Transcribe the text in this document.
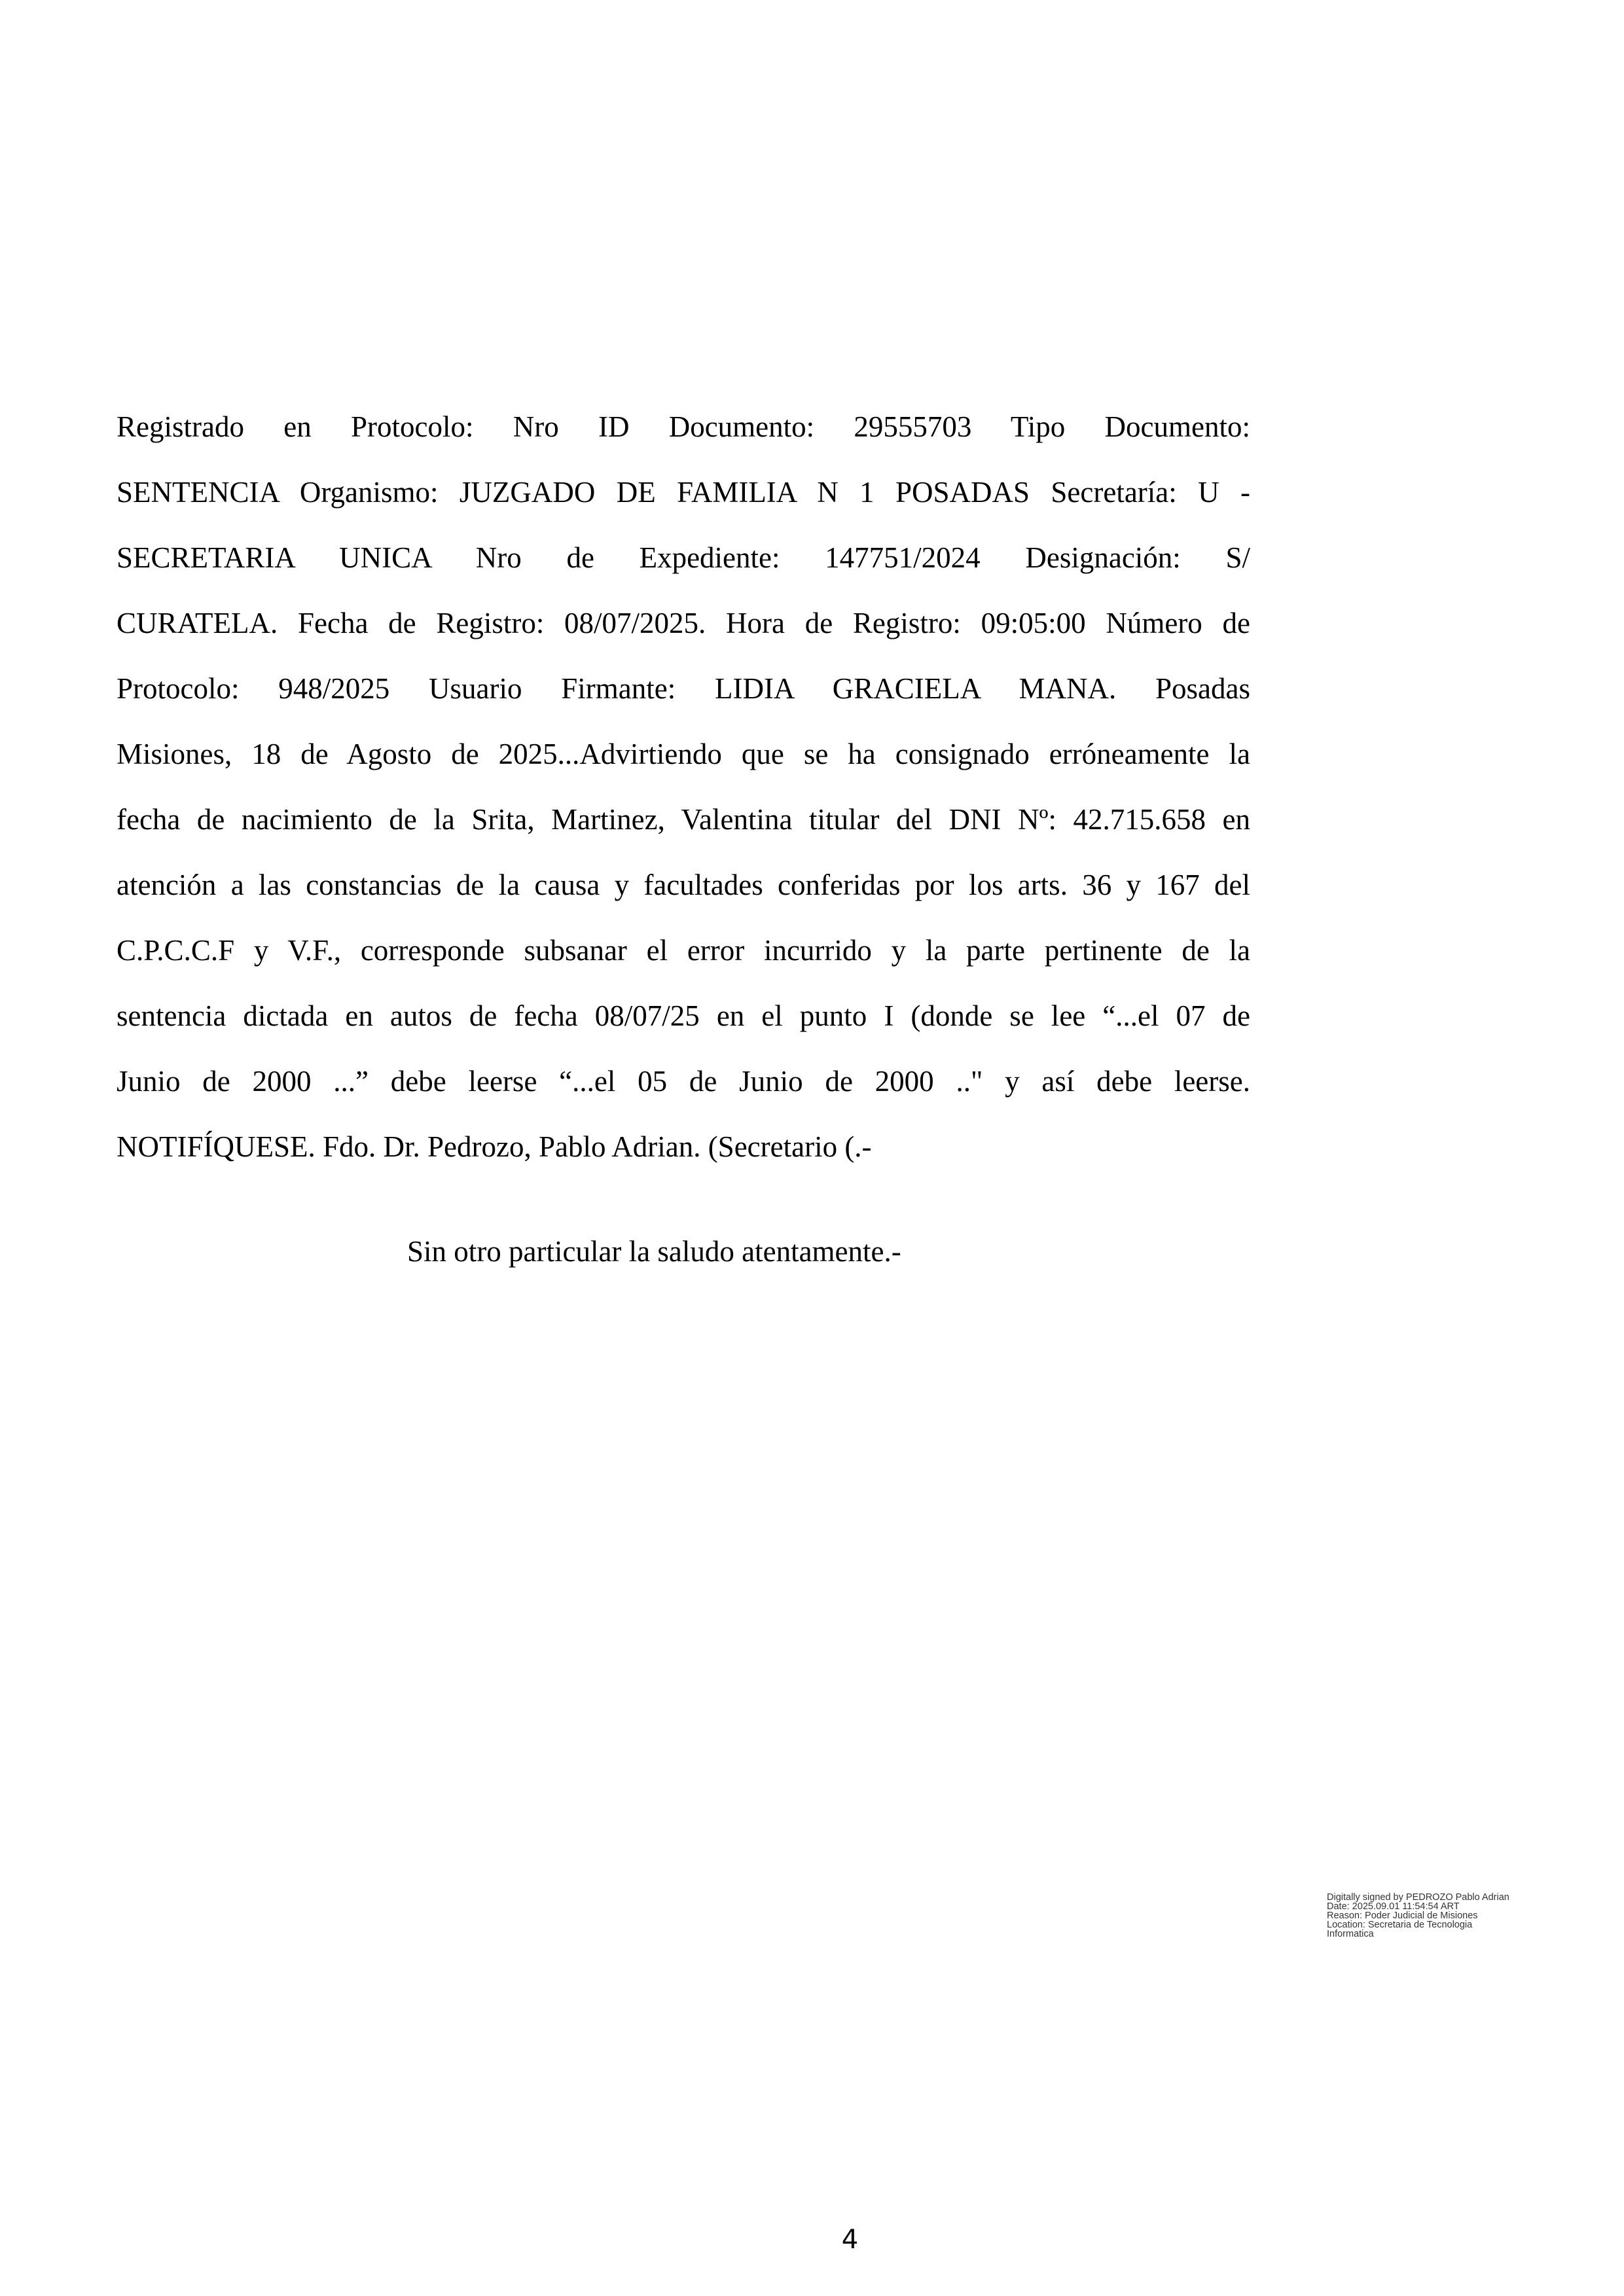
Registrado en Protocolo: Nro ID Documento: 29555703 Tipo Documento:
SENTENCIA Organismo: JUZGADO DE FAMILIA N 1 POSADAS Secretaría: U -
SECRETARIA UNICA Nro de Expediente: 147751/2024 Designación: S/
CURATELA. Fecha de Registro: 08/07/2025. Hora de Registro: 09:05:00 Número de
Protocolo: 948/2025 Usuario Firmante: LIDIA GRACIELA MANA. Posadas
Misiones, 18 de Agosto de 2025...Advirtiendo que se ha consignado erróneamente la
fecha de nacimiento de la Srita, Martinez, Valentina titular del DNI Nº: 42.715.658 en
atención a las constancias de la causa y facultades conferidas por los arts. 36 y 167 del
C.P.C.C.F y V.F., corresponde subsanar el error incurrido y la parte pertinente de la
sentencia dictada en autos de fecha 08/07/25 en el punto I (donde se lee “...el 07 de
Junio de 2000 ...” debe leerse “...el 05 de Junio de 2000 .." y así debe leerse.
NOTIFÍQUESE. Fdo. Dr. Pedrozo, Pablo Adrian. (Secretario (.-
Sin otro particular la saludo atentamente.-
Digitally signed by PEDROZO Pablo Adrian
Date: 2025.09.01 11:54:54 ART
Reason: Poder Judicial de Misiones
Location: Secretaria de Tecnologia
Informatica
4
